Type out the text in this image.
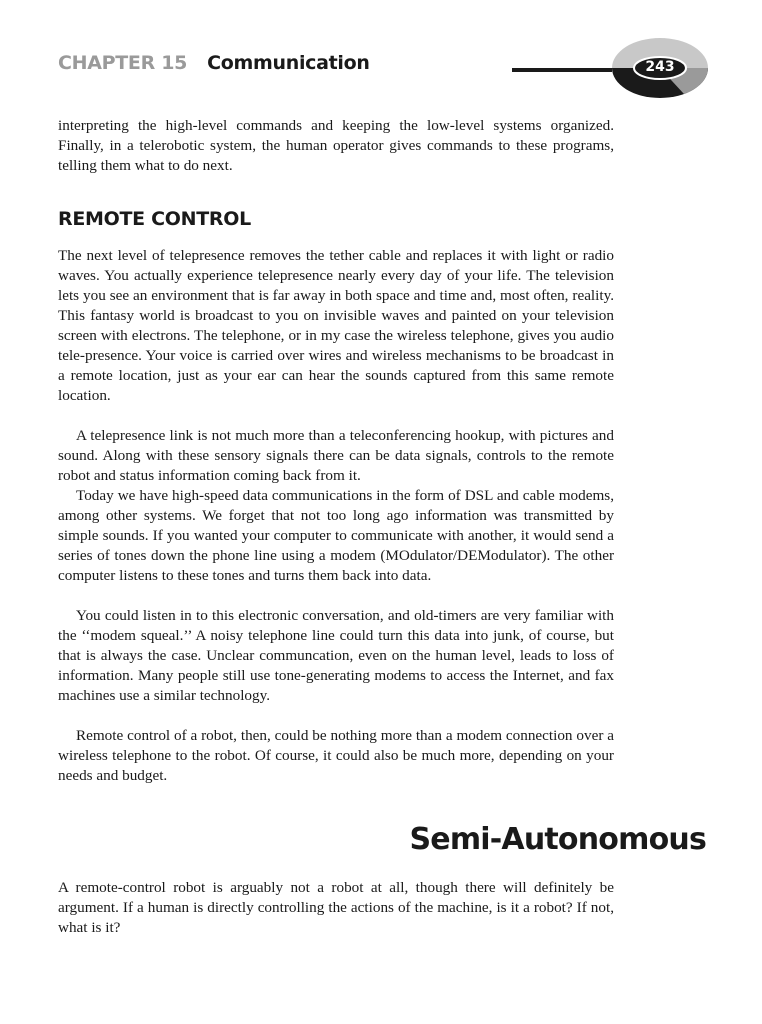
CHAPTER 15 Communication	243

interpreting the high-level commands and keeping the low-level systems organized. Finally, in a telerobotic system, the human operator gives commands to these programs, telling them what to do next.

REMOTE CONTROL

The next level of telepresence removes the tether cable and replaces it with light or radio waves. You actually experience telepresence nearly every day of your life. The television lets you see an environment that is far away in both space and time and, most often, reality. This fantasy world is broadcast to you on invisible waves and painted on your television screen with electrons. The telephone, or in my case the wireless telephone, gives you audio tele-presence. Your voice is carried over wires and wireless mechanisms to be broadcast in a remote location, just as your ear can hear the sounds captured from this same remote location.

A telepresence link is not much more than a teleconferencing hookup, with pictures and sound. Along with these sensory signals there can be data signals, controls to the remote robot and status information coming back from it.

Today we have high-speed data communications in the form of DSL and cable modems, among other systems. We forget that not too long ago information was transmitted by simple sounds. If you wanted your computer to communicate with another, it would send a series of tones down the phone line using a modem (MOdulator/DEModulator). The other computer listens to these tones and turns them back into data.

You could listen in to this electronic conversation, and old-timers are very familiar with the ‘‘modem squeal.’’ A noisy telephone line could turn this data into junk, of course, but that is always the case. Unclear communcation, even on the human level, leads to loss of information. Many people still use tone-generating modems to access the Internet, and fax machines use a similar technology.

Remote control of a robot, then, could be nothing more than a modem connection over a wireless telephone to the robot. Of course, it could also be much more, depending on your needs and budget.

Semi-Autonomous

A remote-control robot is arguably not a robot at all, though there will definitely be argument. If a human is directly controlling the actions of the machine, is it a robot? If not, what is it?
